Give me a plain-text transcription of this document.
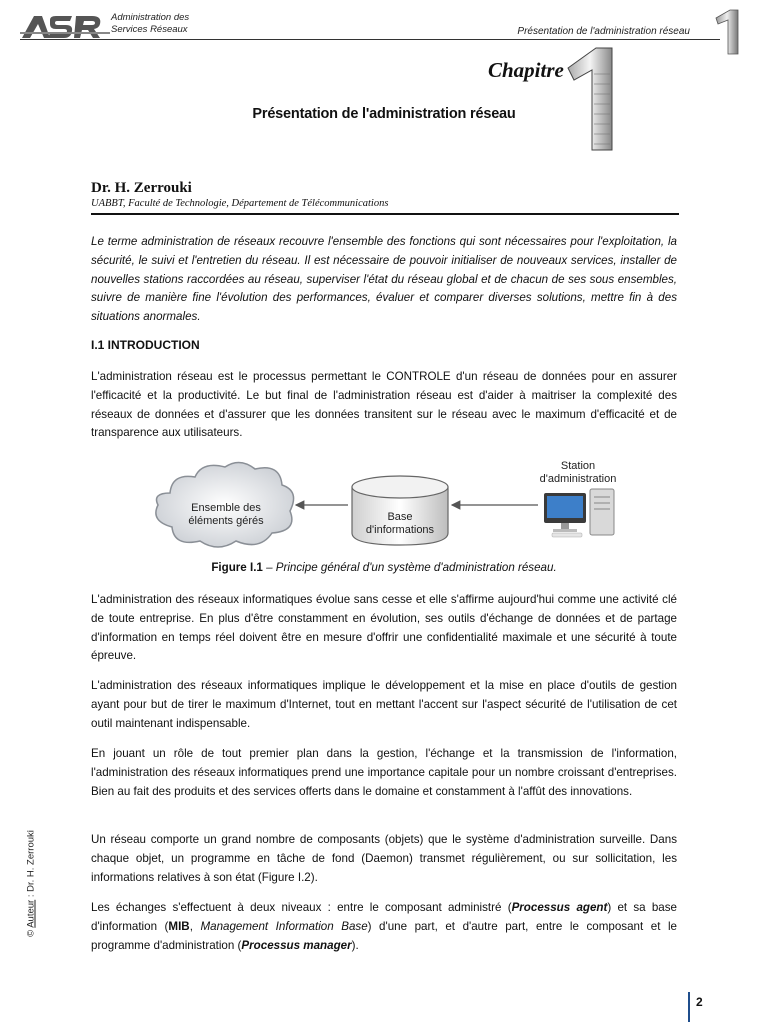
Administration des
Services Réseaux	Présentation de l'administration réseau
Chapitre
Présentation de l'administration réseau
Dr. H. Zerrouki
UABBT, Faculté de Technologie, Département de Télécommunications
Le terme administration de réseaux recouvre l'ensemble des fonctions qui sont nécessaires pour l'exploitation, la sécurité, le suivi et l'entretien du réseau. Il est nécessaire de pouvoir initialiser de nouveaux services, installer de nouvelles stations raccordées au réseau, superviser l'état du réseau global et de chacun de ses sous ensembles, suivre de manière fine l'évolution des performances, évaluer et comparer diverses solutions, mettre fin à des situations anormales.
I.1 INTRODUCTION
L'administration réseau est le processus permettant le CONTROLE d'un réseau de données pour en assurer l'efficacité et la productivité. Le but final de l'administration réseau est d'aider à maitriser la complexité des réseaux de données et d'assurer que les données transitent sur le réseau avec le maximum d'efficacité et de transparence aux utilisateurs.
Ensemble des
éléments gérés	Base
d'informations
Station
d'administration
Figure I.1 – Principe général d'un système d'administration réseau.
L'administration des réseaux informatiques évolue sans cesse et elle s'affirme aujourd'hui comme une activité clé de toute entreprise. En plus d'être constamment en évolution, ses outils d'échange de données et de partage d'information en temps réel doivent être en mesure d'offrir une confidentialité maximale et une sécurité à toute épreuve.
L'administration des réseaux informatiques implique le développement et la mise en place d'outils de gestion ayant pour but de tirer le maximum d'Internet, tout en mettant l'accent sur l'aspect sécurité de l'utilisation de cet outil maintenant indispensable.
En jouant un rôle de tout premier plan dans la gestion, l'échange et la transmission de l'information, l'administration des réseaux informatiques prend une importance capitale pour un nombre croissant d'entreprises. Bien au fait des produits et des services offerts dans le domaine et constamment à l'affût des innovations.
Un réseau comporte un grand nombre de composants (objets) que le système d'administration surveille. Dans chaque objet, un programme en tâche de fond (Daemon) transmet régulièrement, ou sur sollicitation, les informations relatives à son état (Figure I.2).
Les échanges s'effectuent à deux niveaux : entre le composant administré (Processus agent) et sa base d'information (MIB, Management Information Base) d'une part, et d'autre part, entre le composant et le programme d'administration (Processus manager).
© Auteur : Dr. H. Zerrouki
2
